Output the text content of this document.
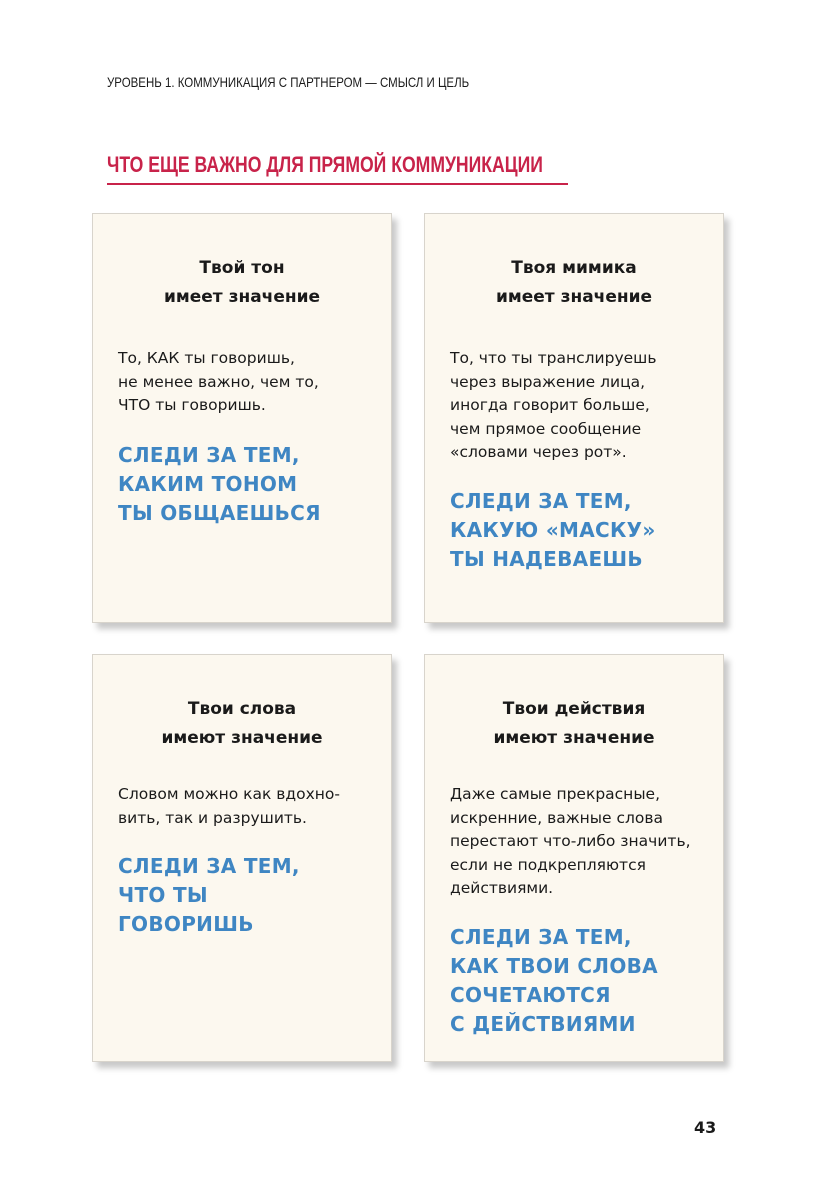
УРОВЕНЬ 1. КОММУНИКАЦИЯ С ПАРТНЕРОМ — СМЫСЛ И ЦЕЛЬ
ЧТО ЕЩЕ ВАЖНО ДЛЯ ПРЯМОЙ КОММУНИКАЦИИ
Твой тон
имеет значение
То, КАК ты говоришь,
не менее важно, чем то,
ЧТО ты говоришь.
СЛЕДИ ЗА ТЕМ,
КАКИМ ТОНОМ
ТЫ ОБЩАЕШЬСЯ
Твоя мимика
имеет значение
То, что ты транслируешь
через выражение лица,
иногда говорит больше,
чем прямое сообщение
«словами через рот».
СЛЕДИ ЗА ТЕМ,
КАКУЮ «МАСКУ»
ТЫ НАДЕВАЕШЬ
Твои слова
имеют значение
Словом можно как вдохно-
вить, так и разрушить.
СЛЕДИ ЗА ТЕМ,
ЧТО ТЫ
ГОВОРИШЬ
Твои действия
имеют значение
Даже самые прекрасные,
искренние, важные слова
перестают что-либо значить,
если не подкрепляются
действиями.
СЛЕДИ ЗА ТЕМ,
КАК ТВОИ СЛОВА
СОЧЕТАЮТСЯ
С ДЕЙСТВИЯМИ
43
